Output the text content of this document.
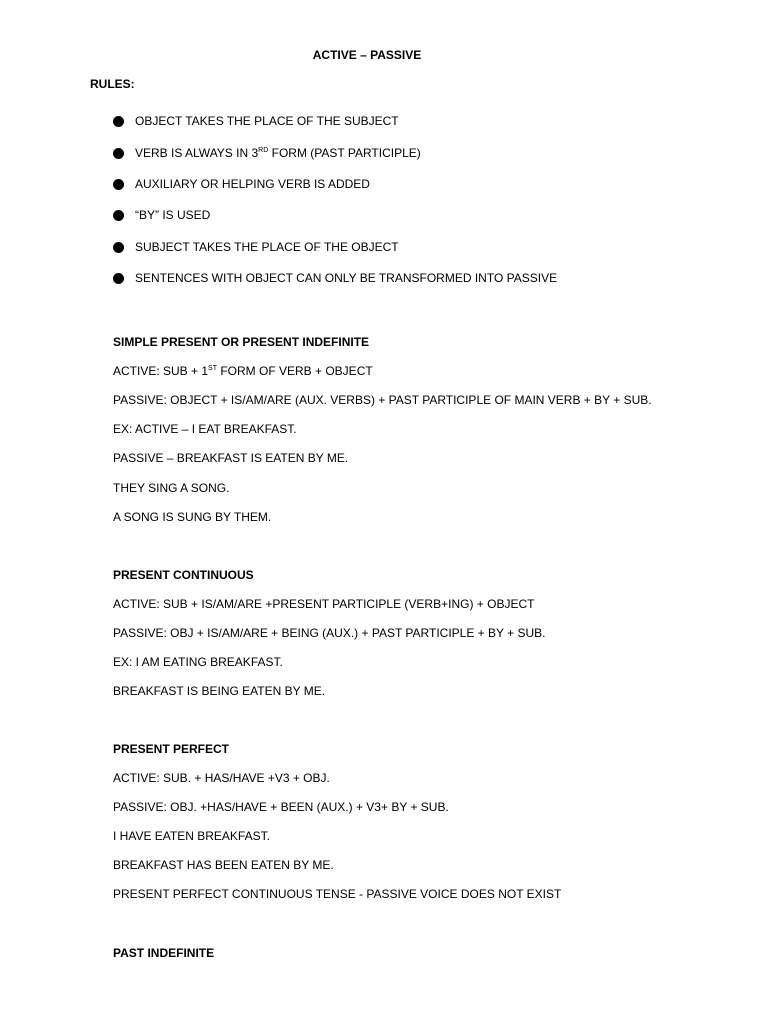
ACTIVE – PASSIVE
RULES:
OBJECT TAKES THE PLACE OF THE SUBJECT
VERB IS ALWAYS IN 3RD FORM (PAST PARTICIPLE)
AUXILIARY OR HELPING VERB IS ADDED
“BY” IS USED
SUBJECT TAKES THE PLACE OF THE OBJECT
SENTENCES WITH OBJECT CAN ONLY BE TRANSFORMED INTO PASSIVE
SIMPLE PRESENT OR PRESENT INDEFINITE
ACTIVE: SUB + 1ST FORM OF VERB + OBJECT
PASSIVE: OBJECT + IS/AM/ARE (AUX. VERBS) + PAST PARTICIPLE OF MAIN VERB + BY + SUB.
EX: ACTIVE – I EAT BREAKFAST.
PASSIVE – BREAKFAST IS EATEN BY ME.
THEY SING A SONG.
A SONG IS SUNG BY THEM.
PRESENT CONTINUOUS
ACTIVE: SUB + IS/AM/ARE +PRESENT PARTICIPLE (VERB+ING) + OBJECT
PASSIVE: OBJ + IS/AM/ARE + BEING (AUX.) + PAST PARTICIPLE + BY + SUB.
EX: I AM EATING BREAKFAST.
BREAKFAST IS BEING EATEN BY ME.
PRESENT PERFECT
ACTIVE: SUB. + HAS/HAVE +V3 + OBJ.
PASSIVE: OBJ. +HAS/HAVE + BEEN (AUX.) + V3+ BY + SUB.
I HAVE EATEN BREAKFAST.
BREAKFAST HAS BEEN EATEN BY ME.
PRESENT PERFECT CONTINUOUS TENSE - PASSIVE VOICE DOES NOT EXIST
PAST INDEFINITE
